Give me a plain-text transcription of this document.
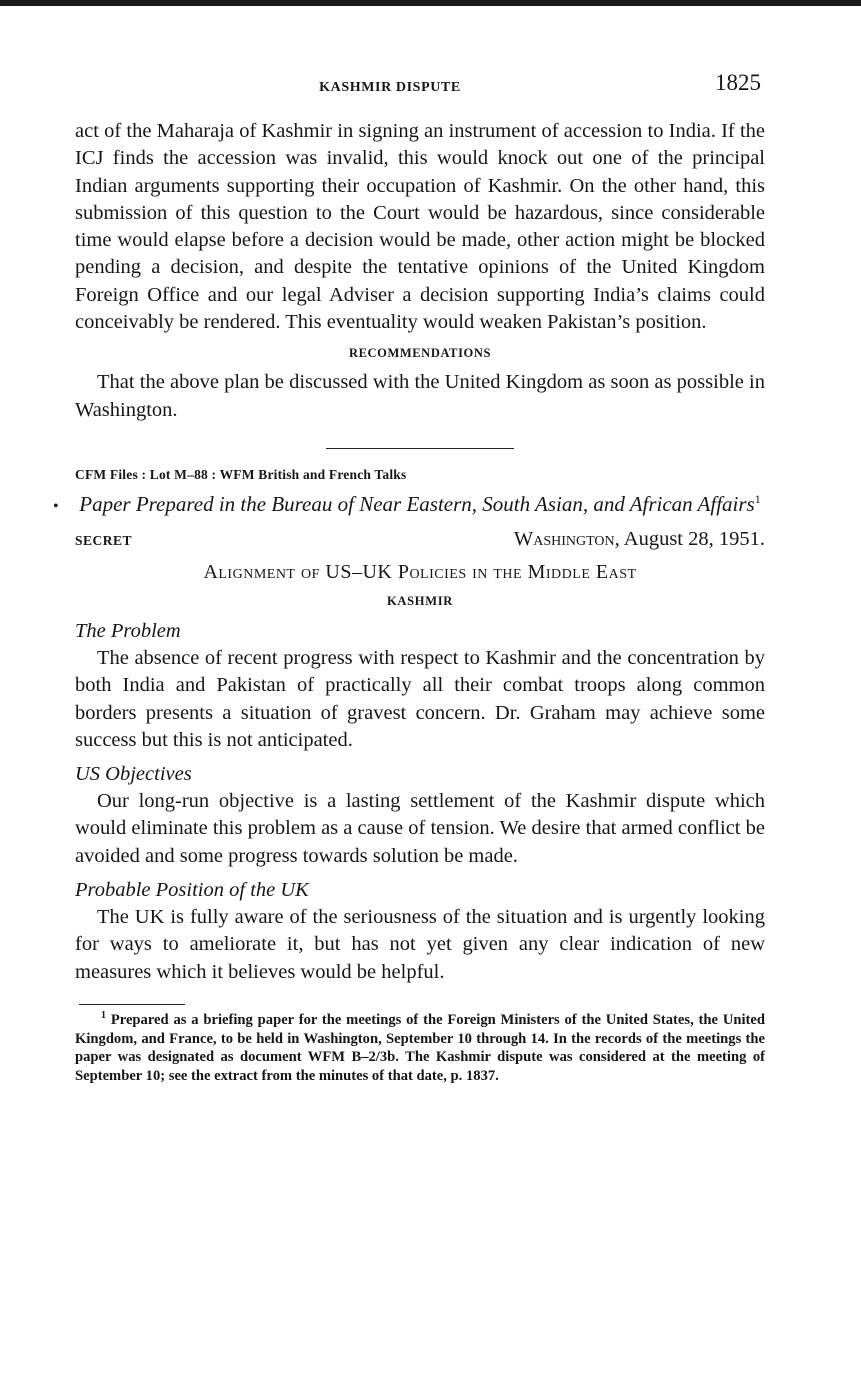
KASHMIR DISPUTE	1825

act of the Maharaja of Kashmir in signing an instrument of accession to India. If the ICJ finds the accession was invalid, this would knock out one of the principal Indian arguments supporting their occupation of Kashmir. On the other hand, this submission of this question to the Court would be hazardous, since considerable time would elapse before a decision would be made, other action might be blocked pending a decision, and despite the tentative opinions of the United Kingdom Foreign Office and our legal Adviser a decision supporting India’s claims could conceivably be rendered. This eventuality would weaken Pakistan’s position.

RECOMMENDATIONS

That the above plan be discussed with the United Kingdom as soon as possible in Washington.

CFM Files : Lot M–88 : WFM British and French Talks
• Paper Prepared in the Bureau of Near Eastern, South Asian, and African Affairs$^1$
SECRET	Washington, August 28, 1951.
Alignment of US–UK Policies in the Middle East
KASHMIR
The Problem

The absence of recent progress with respect to Kashmir and the concentration by both India and Pakistan of practically all their combat troops along common borders presents a situation of gravest concern. Dr. Graham may achieve some success but this is not anticipated.

US Objectives

Our long-run objective is a lasting settlement of the Kashmir dispute which would eliminate this problem as a cause of tension. We desire that armed conflict be avoided and some progress towards solution be made.

Probable Position of the UK

The UK is fully aware of the seriousness of the situation and is urgently looking for ways to ameliorate it, but has not yet given any clear indication of new measures which it believes would be helpful.

$^1$ Prepared as a briefing paper for the meetings of the Foreign Ministers of the United States, the United Kingdom, and France, to be held in Washington, September 10 through 14. In the records of the meetings the paper was designated as document WFM B–2/3b. The Kashmir dispute was considered at the meeting of September 10; see the extract from the minutes of that date, p. 1837.
